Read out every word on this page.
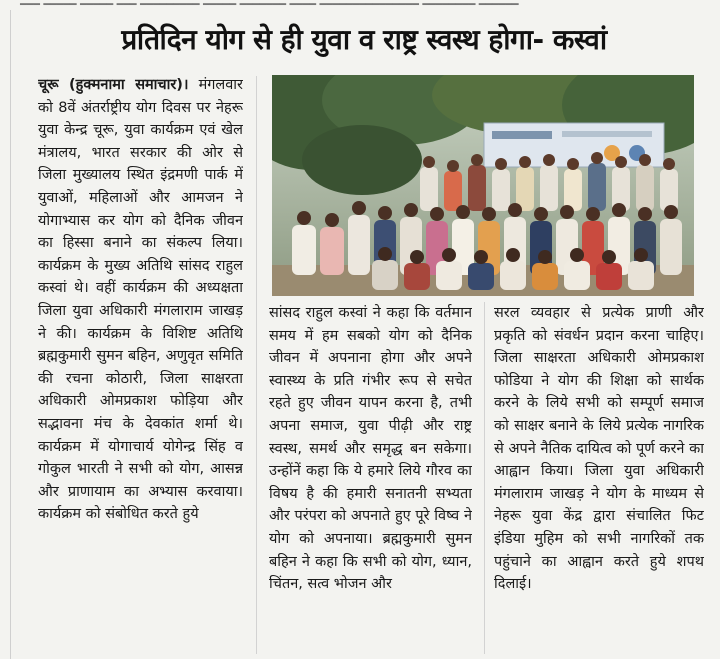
━━━ ━━━━━ ━━━━━ ━━━ ━━━━━━━━━ ━━━━━ ━━━━━━━ ━━━━ ━━━━━━━━━━━━━━━ ━━━━━━━━ ━━━━━━
प्रतिदिन योग से ही युवा व राष्ट्र स्वस्थ होगा- कस्वां

चूरू (हुक्मनामा समाचार)। मंगलवार को 8वें अंतर्राष्ट्रीय योग दिवस पर नेहरू युवा केन्द्र चूरू, युवा कार्यक्रम एवं खेल मंत्रालय, भारत सरकार की ओर से जिला मुख्यालय स्थित इंद्रमणी पार्क में युवाओं, महिलाओं और आमजन ने योगाभ्यास कर योग को दैनिक जीवन का हिस्सा बनाने का संकल्प लिया। कार्यक्रम के मुख्य अतिथि सांसद राहुल कस्वां थे। वहीं कार्यक्रम की अध्यक्षता जिला युवा अधिकारी मंगलाराम जाखड़ ने की। कार्यक्रम के विशिष्ट अतिथि ब्रह्मकुमारी सुमन बहिन, अणुवृत समिति की रचना कोठारी, जिला साक्षरता अधिकारी ओमप्रकाश फोड़िया और सद्भावना मंच के देवकांत शर्मा थे। कार्यक्रम में योगाचार्य योगेन्द्र सिंह व गोकुल भारती ने सभी को योग, आसन्न और प्राणायाम का अभ्यास करवाया। कार्यक्रम को संबोधित करते हुये

सांसद राहुल कस्वां ने कहा कि वर्तमान समय में हम सबको योग को दैनिक जीवन में अपनाना होगा और अपने स्वास्थ्य के प्रति गंभीर रूप से सचेत रहते हुए जीवन यापन करना है, तभी अपना समाज, युवा पीढ़ी और राष्ट्र स्वस्थ, समर्थ और समृद्ध बन सकेगा। उन्होंनें कहा कि ये हमारे लिये गौरव का विषय है की हमारी सनातनी सभ्यता और परंपरा को अपनाते हुए पूरे विष्व ने योग को अपनाया। ब्रह्मकुमारी सुमन बहिन ने कहा कि सभी को योग, ध्यान, चिंतन, सत्व भोजन और

सरल व्यवहार से प्रत्येक प्राणी और प्रकृति को संवर्धन प्रदान करना चाहिए। जिला साक्षरता अधिकारी ओमप्रकाश फोडिया ने योग की शिक्षा को सार्थक करने के लिये सभी को सम्पूर्ण समाज को साक्षर बनाने के लिये प्रत्येक नागरिक से अपने नैतिक दायित्व को पूर्ण करने का आह्वान किया। जिला युवा अधिकारी मंगलाराम जाखड़ ने योग के माध्यम से नेहरू युवा केंद्र द्वारा संचालित फिट इंडिया मुहिम को सभी नागरिकों तक पहुंचाने का आह्वान करते हुये शपथ दिलाई।
